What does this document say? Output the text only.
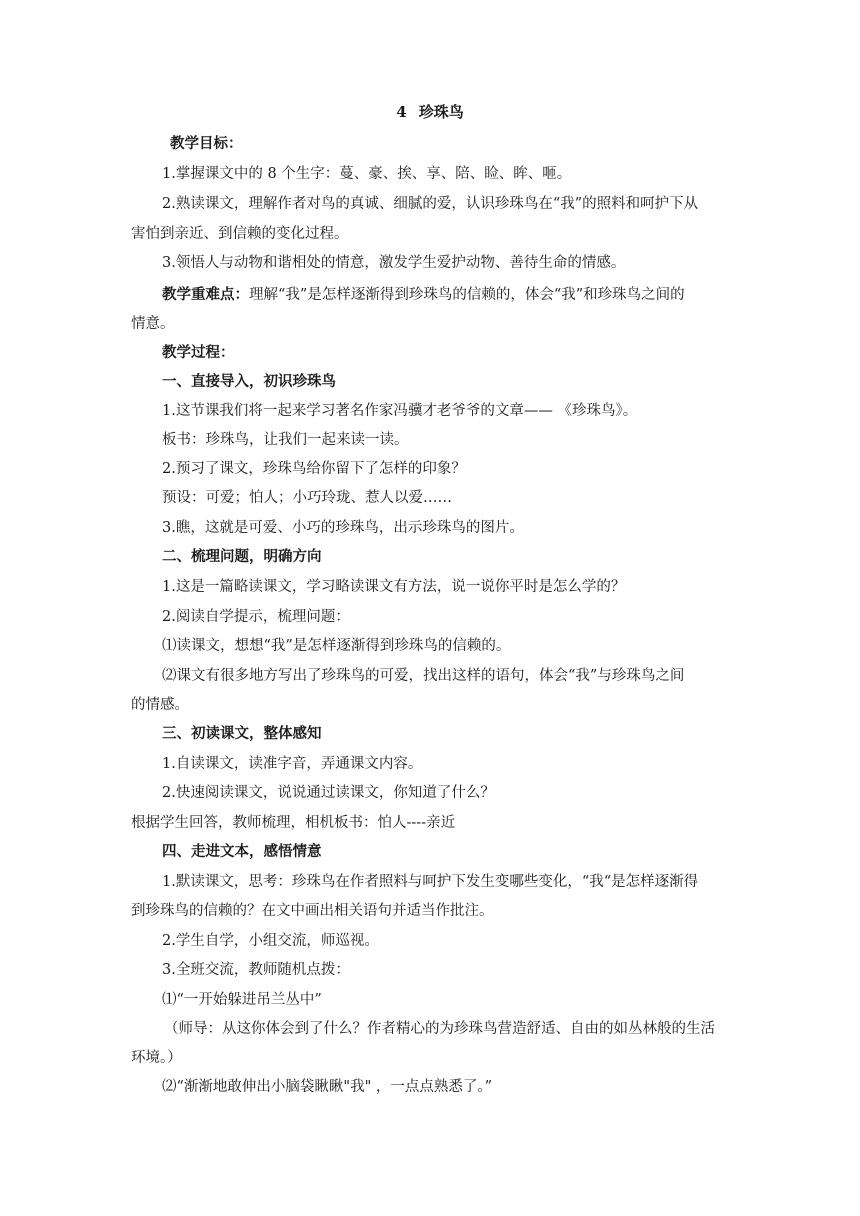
4 珍珠鸟
教学目标：
1.掌握课文中的 8 个生字：蔓、豪、挨、享、陪、睑、眸、咂。
2.熟读课文，理解作者对鸟的真诚、细腻的爱，认识珍珠鸟在“我”的照料和呵护下从
害怕到亲近、到信赖的变化过程。
3.领悟人与动物和谐相处的情意，激发学生爱护动物、善待生命的情感。
教学重难点：理解“我”是怎样逐渐得到珍珠鸟的信赖的，体会“我”和珍珠鸟之间的
情意。
教学过程：
一、直接导入，初识珍珠鸟
1.这节课我们将一起来学习著名作家冯骥才老爷爷的文章—— 《珍珠鸟》。
板书：珍珠鸟，让我们一起来读一读。
2.预习了课文，珍珠鸟给你留下了怎样的印象？
预设：可爱；怕人；小巧玲珑、惹人以爱……
3.瞧，这就是可爱、小巧的珍珠鸟，出示珍珠鸟的图片。
二、梳理问题，明确方向
1.这是一篇略读课文，学习略读课文有方法，说一说你平时是怎么学的？
2.阅读自学提示，梳理问题：
⑴读课文，想想“我”是怎样逐渐得到珍珠鸟的信赖的。
⑵课文有很多地方写出了珍珠鸟的可爱，找出这样的语句，体会“我”与珍珠鸟之间
的情感。
三、初读课文，整体感知
1.自读课文，读准字音，弄通课文内容。
2.快速阅读课文，说说通过读课文，你知道了什么？
根据学生回答，教师梳理，相机板书：怕人----亲近
四、走进文本，感悟情意
1.默读课文，思考：珍珠鸟在作者照料与呵护下发生变哪些变化，“我“是怎样逐渐得
到珍珠鸟的信赖的？在文中画出相关语句并适当作批注。
2.学生自学，小组交流，师巡视。
3.全班交流，教师随机点拨：
⑴“一开始躲进吊兰丛中”
（师导：从这你体会到了什么？作者精心的为珍珠鸟营造舒适、自由的如丛林般的生活
环境。）
⑵“渐渐地敢伸出小脑袋瞅瞅"我" ，一点点熟悉了。”
